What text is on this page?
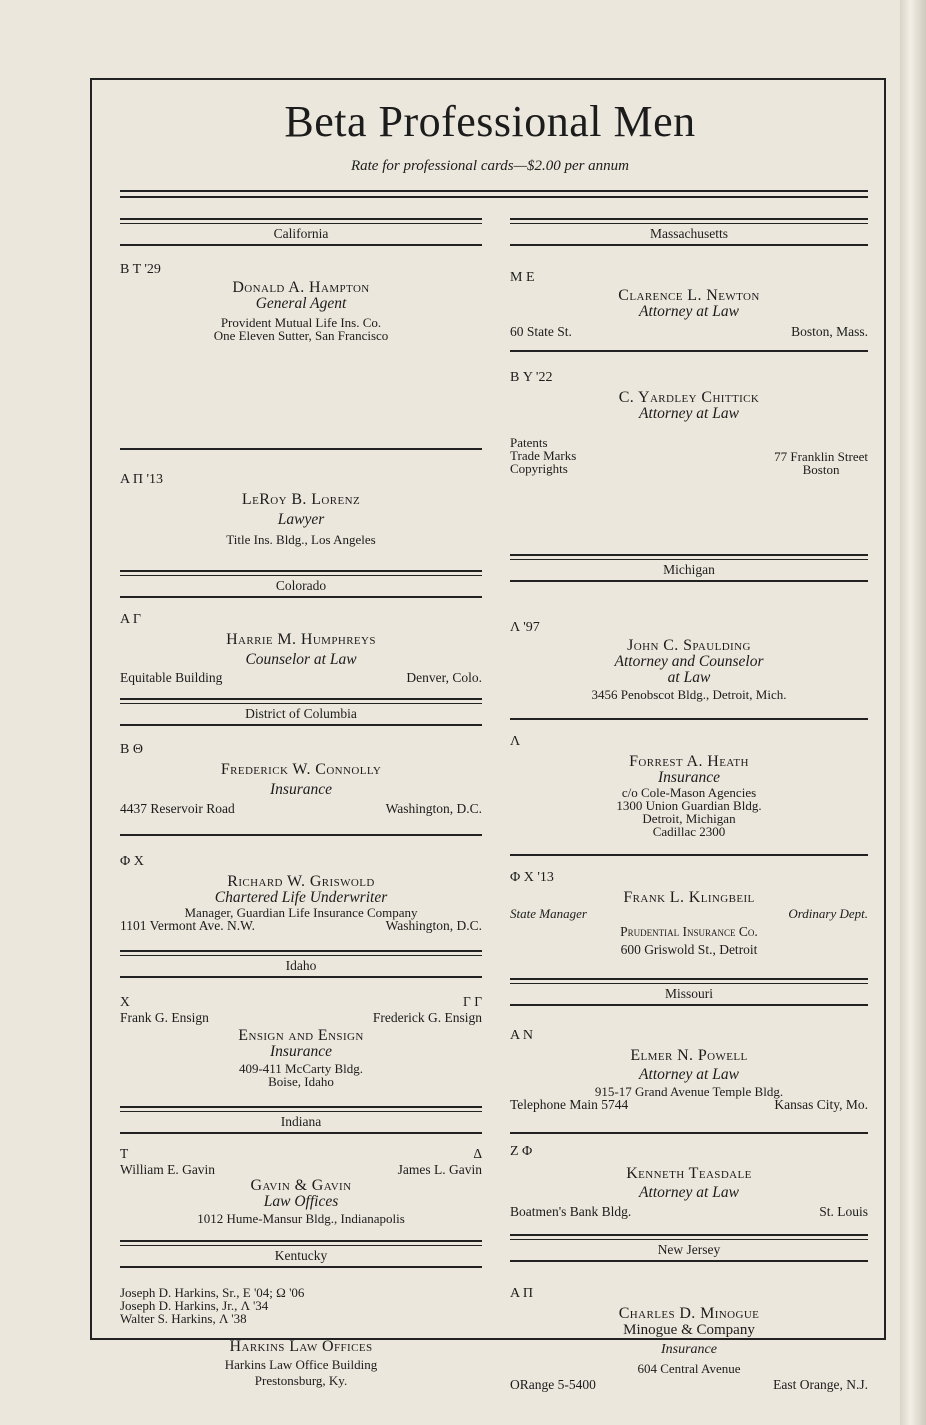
Beta Professional Men
Rate for professional cards—$2.00 per annum
California
B T '29
Donald A. Hampton
General Agent
Provident Mutual Life Ins. Co.
One Eleven Sutter, San Francisco
A Π '13
LeRoy B. Lorenz
Lawyer
Title Ins. Bldg., Los Angeles
Colorado
A Γ
Harrie M. Humphreys
Counselor at Law
Equitable Building	Denver, Colo.
District of Columbia
B Θ
Frederick W. Connolly
Insurance
4437 Reservoir Road	Washington, D.C.
Φ X
Richard W. Griswold
Chartered Life Underwriter
Manager, Guardian Life Insurance Company
1101 Vermont Ave. N.W.	Washington, D.C.
Idaho
X	Γ Γ
Frank G. Ensign	Frederick G. Ensign
Ensign and Ensign
Insurance
409-411 McCarty Bldg.
Boise, Idaho
Indiana
T	Δ
William E. Gavin	James L. Gavin
Gavin & Gavin
Law Offices
1012 Hume-Mansur Bldg., Indianapolis
Kentucky
Joseph D. Harkins, Sr., E '04; Ω '06
Joseph D. Harkins, Jr., Λ '34
Walter S. Harkins, Λ '38
Harkins Law Offices
Harkins Law Office Building
Prestonsburg, Ky.
Massachusetts
M E
Clarence L. Newton
Attorney at Law
60 State St.	Boston, Mass.
B Υ '22
C. Yardley Chittick
Attorney at Law
Patents
Trade Marks
Copyrights
77 Franklin Street
Boston
Michigan
Λ '97
John C. Spaulding
Attorney and Counselor
at Law
3456 Penobscot Bldg., Detroit, Mich.
Λ
Forrest A. Heath
Insurance
c/o Cole-Mason Agencies
1300 Union Guardian Bldg.
Detroit, Michigan
Cadillac 2300
Φ X '13
Frank L. Klingbeil
State Manager	Ordinary Dept.
Prudential Insurance Co.
600 Griswold St., Detroit
Missouri
A N
Elmer N. Powell
Attorney at Law
915-17 Grand Avenue Temple Bldg.
Telephone Main 5744	Kansas City, Mo.
Z Φ
Kenneth Teasdale
Attorney at Law
Boatmen's Bank Bldg.	St. Louis
New Jersey
A Π
Charles D. Minogue
Minogue & Company
Insurance
604 Central Avenue
ORange 5-5400	East Orange, N.J.
